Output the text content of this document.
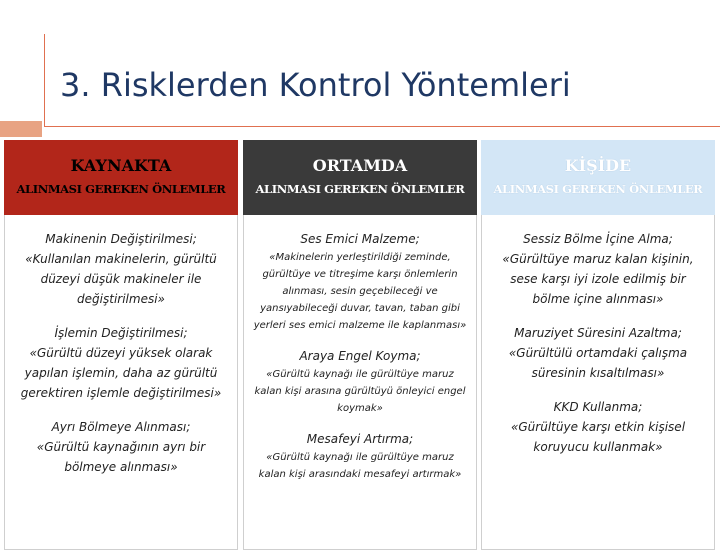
3. Risklerden Kontrol Yöntemleri
KAYNAKTA
ALINMASI GEREKEN ÖNLEMLER
Makinenin Değiştirilmesi;
«Kullanılan makinelerin, gürültü düzeyi düşük makineler ile değiştirilmesi»
İşlemin Değiştirilmesi;
«Gürültü düzeyi yüksek olarak yapılan işlemin, daha az gürültü gerektiren işlemle değiştirilmesi»
Ayrı Bölmeye Alınması;
«Gürültü kaynağının ayrı bir bölmeye alınması»
ORTAMDA
ALINMASI GEREKEN ÖNLEMLER
Ses Emici Malzeme;
«Makinelerin yerleştirildiği zeminde, gürültüye ve titreşime karşı önlemlerin alınması, sesin geçebileceği ve yansıyabileceği duvar, tavan, taban gibi yerleri ses emici malzeme ile kaplanması»
Araya Engel Koyma;
«Gürültü kaynağı ile gürültüye maruz kalan kişi arasına gürültüyü önleyici engel koymak»
Mesafeyi Artırma;
«Gürültü kaynağı ile gürültüye maruz kalan kişi arasındaki mesafeyi artırmak»
KİŞİDE
ALINMASI GEREKEN ÖNLEMLER
Sessiz Bölme İçine Alma;
«Gürültüye maruz kalan kişinin, sese karşı iyi izole edilmiş bir bölme içine alınması»
Maruziyet Süresini Azaltma;
«Gürültülü ortamdaki çalışma süresinin kısaltılması»
KKD Kullanma;
«Gürültüye karşı etkin kişisel koruyucu kullanmak»
